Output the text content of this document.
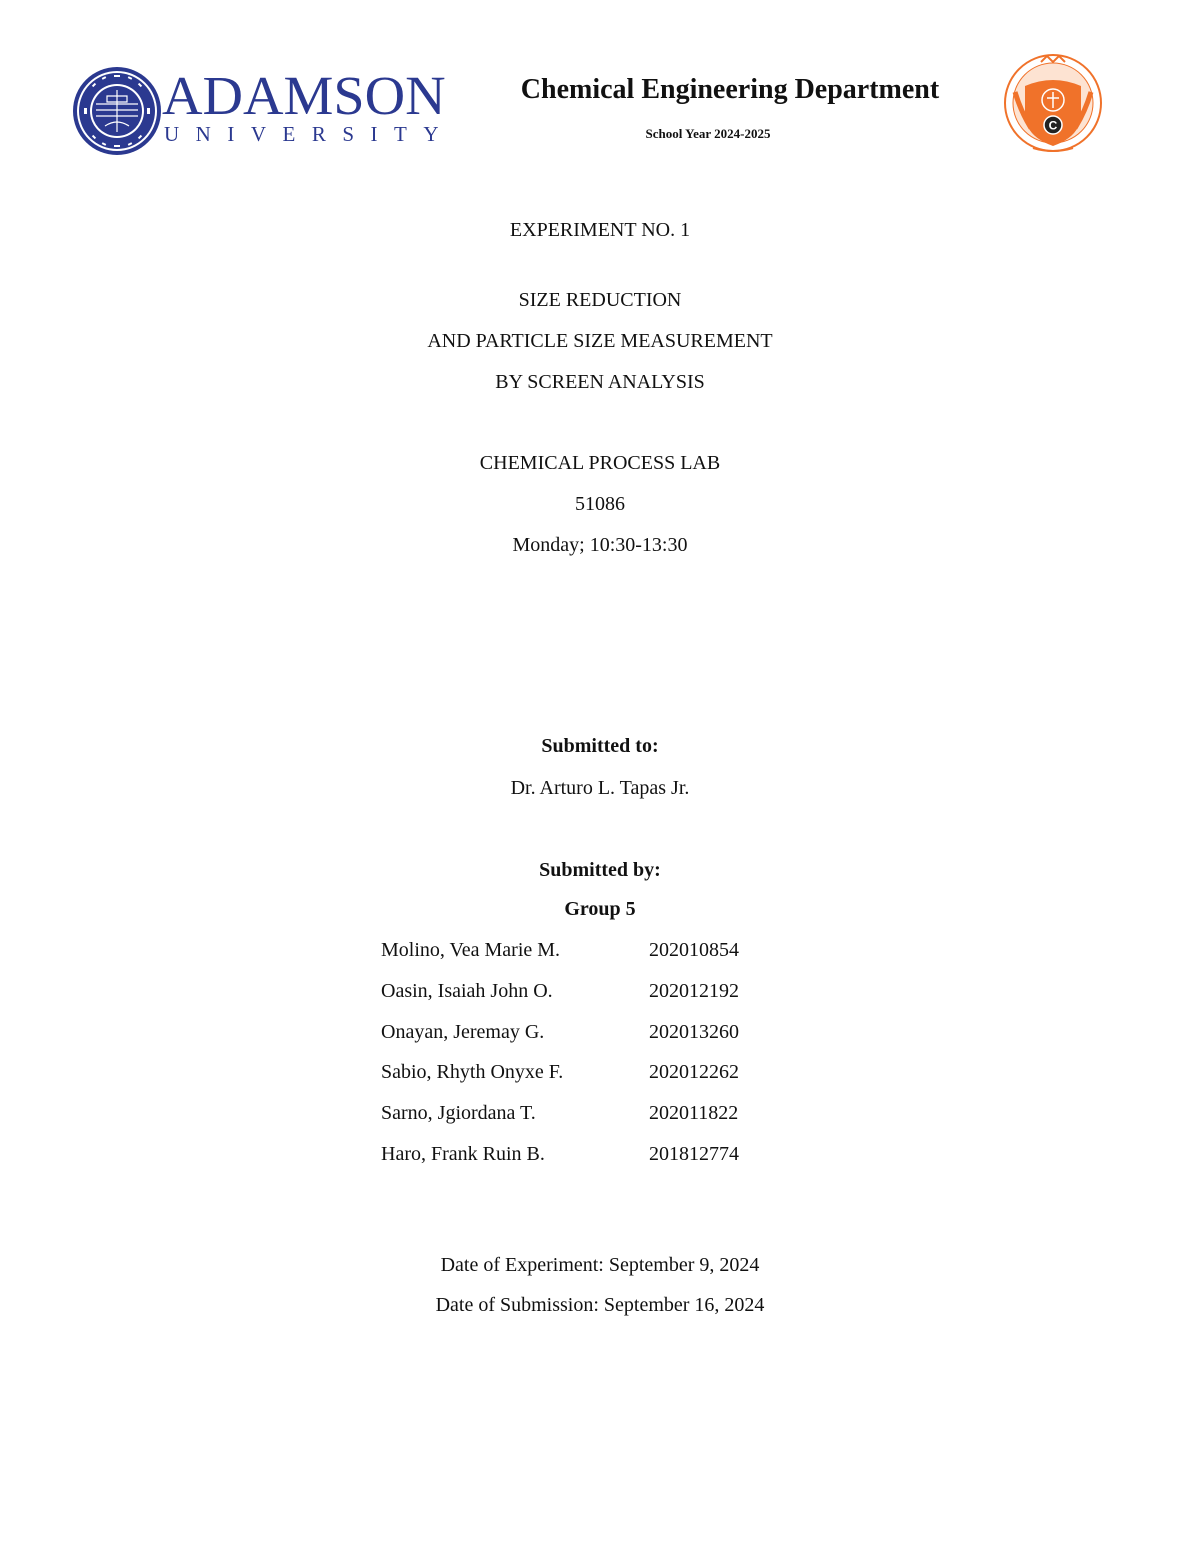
ADAMSON
UNIVERSITY
Chemical Engineering Department
School Year 2024-2025
C
EXPERIMENT NO. 1
SIZE REDUCTION
AND PARTICLE SIZE MEASUREMENT
BY SCREEN ANALYSIS
CHEMICAL PROCESS LAB
51086
Monday; 10:30-13:30
Submitted to:
Dr. Arturo L. Tapas Jr.
Submitted by:
Group 5
Molino, Vea Marie M.	202010854
Oasin, Isaiah John O.	202012192
Onayan, Jeremay G.	202013260
Sabio, Rhyth Onyxe F.	202012262
Sarno, Jgiordana T.	202011822
Haro, Frank Ruin B.	201812774
Date of Experiment: September 9, 2024
Date of Submission: September 16, 2024
